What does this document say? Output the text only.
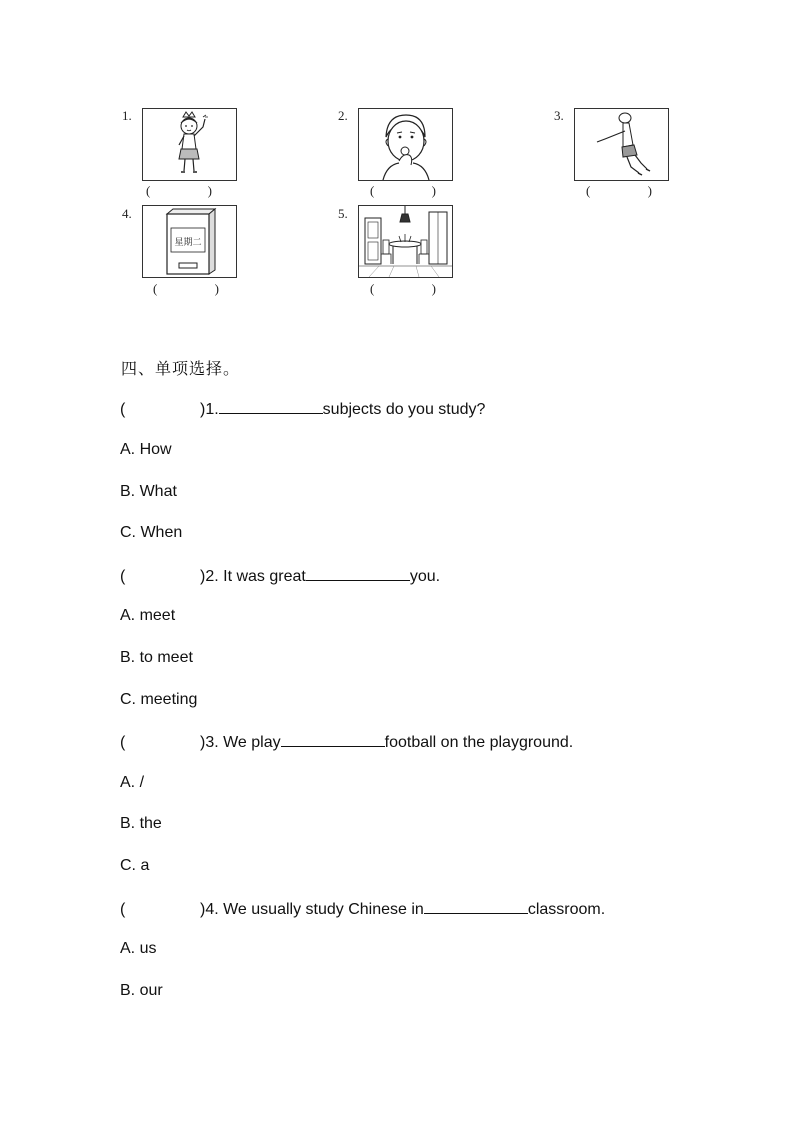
1.
(	)
2.
(	)
3.
(	)
4.
星期二
(	)
5.
(	)
四、单项选择。
(	)1.	subjects do you study?
A. How
B. What
C. When
(	)2. It was great	you.
A. meet
B. to meet
C. meeting
(	)3. We play	football on the playground.
A. /
B. the
C. a
(	)4. We usually study Chinese in	classroom.
A. us
B. our
